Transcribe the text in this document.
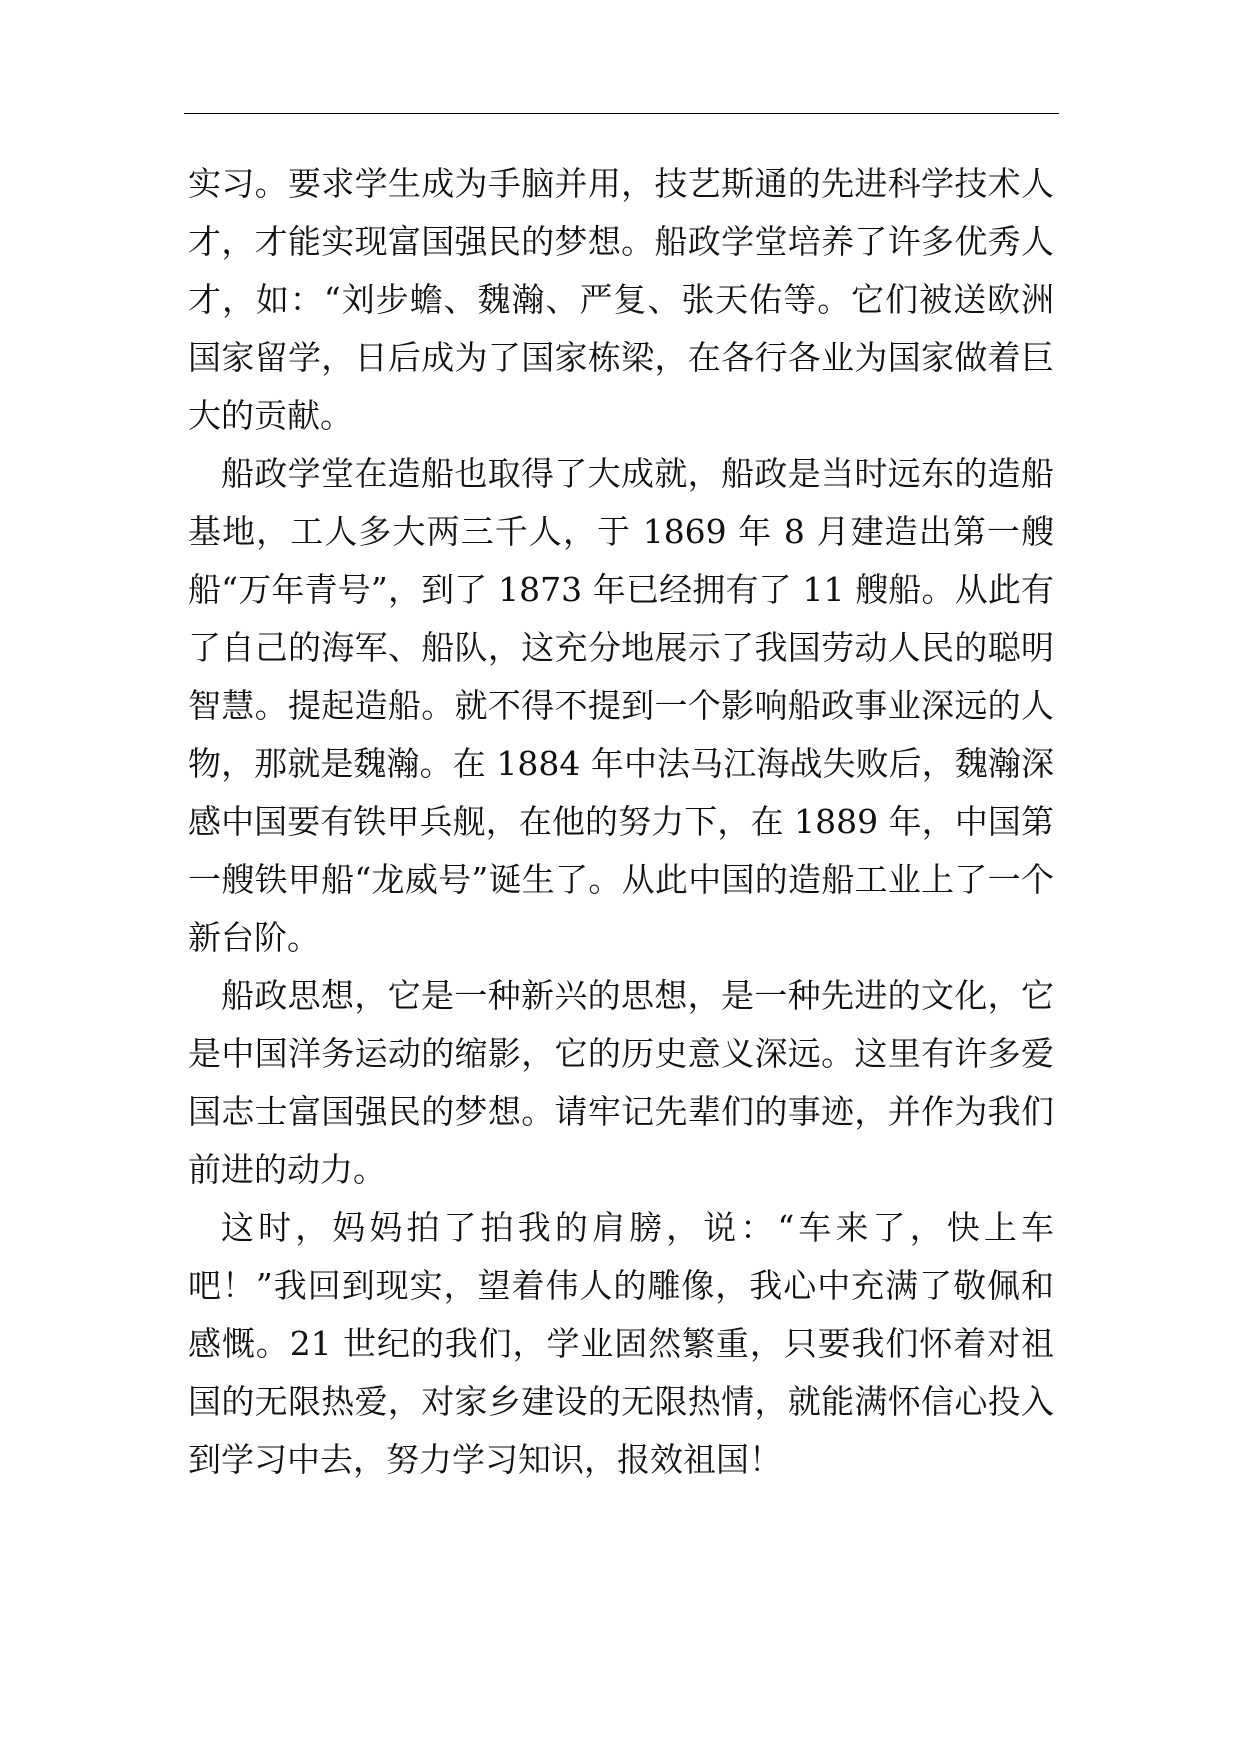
实习。要求学生成为手脑并用，技艺斯通的先进科学技术人才，才能实现富国强民的梦想。船政学堂培养了许多优秀人才，如：“刘步蟾、魏瀚、严复、张天佑等。它们被送欧洲国家留学，日后成为了国家栋梁，在各行各业为国家做着巨大的贡献。

船政学堂在造船也取得了大成就，船政是当时远东的造船基地，工人多大两三千人，于 1869 年 8 月建造出第一艘船“万年青号”，到了 1873 年已经拥有了 11 艘船。从此有了自己的海军、船队，这充分地展示了我国劳动人民的聪明智慧。提起造船。就不得不提到一个影响船政事业深远的人物，那就是魏瀚。在 1884 年中法马江海战失败后，魏瀚深感中国要有铁甲兵舰，在他的努力下，在 1889 年，中国第一艘铁甲船“龙威号”诞生了。从此中国的造船工业上了一个新台阶。

船政思想，它是一种新兴的思想，是一种先进的文化，它是中国洋务运动的缩影，它的历史意义深远。这里有许多爱国志士富国强民的梦想。请牢记先辈们的事迹，并作为我们前进的动力。

这时，妈妈拍了拍我的肩膀，说：“车来了，快上车吧！”我回到现实，望着伟人的雕像，我心中充满了敬佩和感慨。21 世纪的我们，学业固然繁重，只要我们怀着对祖国的无限热爱，对家乡建设的无限热情，就能满怀信心投入到学习中去，努力学习知识，报效祖国！
